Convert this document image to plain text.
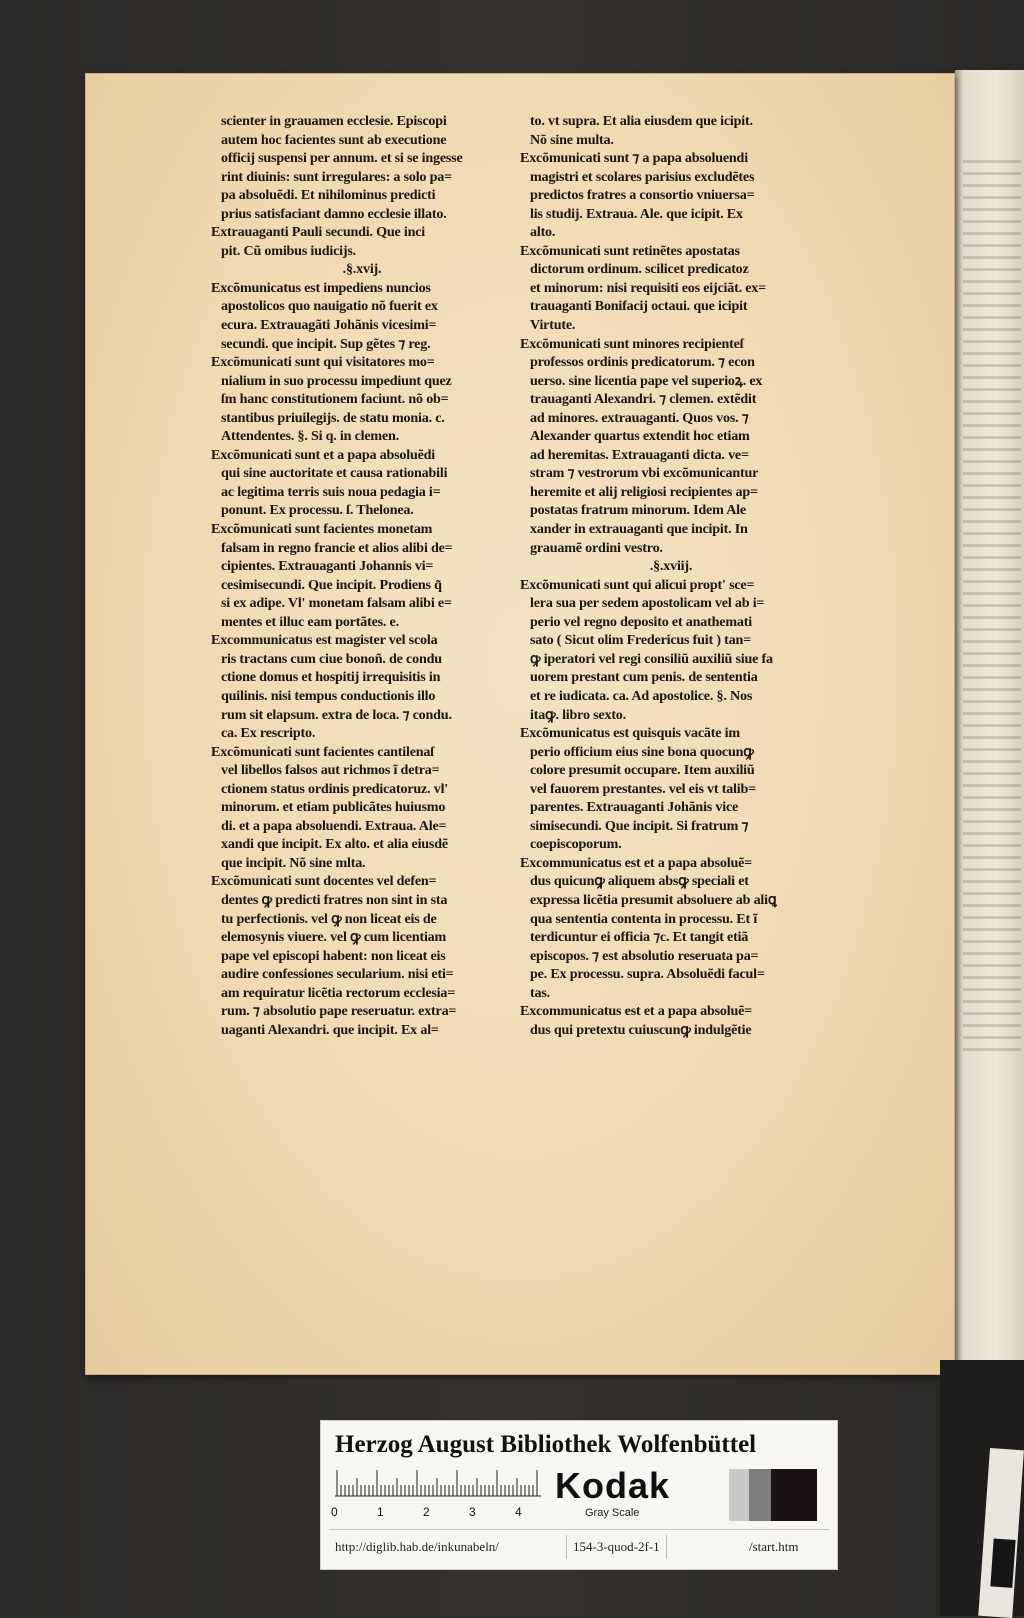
scienter in grauamen ecclesie. Episcopi
autem hoc facientes sunt ab executione
officij suspensi per annum. et si se ingesse
rint diuinis: sunt irregulares: a solo pa=
pa absoluẽdi. Et nihilominus predicti
prius satisfaciant damno ecclesie illato.
Extrauaganti Pauli secundi. Que inci
pit. Cũ omibus iudicijs.
.§.xvij.
Excõmunicatus est impediens nuncios
apostolicos quo nauigatio nõ fuerit ex
ecura. Extrauagãti Johãnis vicesimi=
secundi. que incipit. Sup gẽtes ⁊ reg.
Excõmunicati sunt qui visitatores mo=
nialium in suo processu impediunt quez
ſm hanc constitutionem faciunt. nõ ob=
stantibus priuilegijs. de statu monia. c.
Attendentes. §. Si q. in clemen.
Excõmunicati sunt et a papa absoluẽdi
qui sine auctoritate et causa rationabili
ac legitima terris suis noua pedagia i=
ponunt. Ex processu. ſ. Thelonea.
Excõmunicati sunt facientes monetam
falsam in regno francie et alios alibi de=
cipientes. Extrauaganti Johannis vi=
cesimisecundi. Que incipit. Prodiens q̃
si ex adipe. Vl' monetam falsam alibi e=
mentes et illuc eam portãtes. e.
Excommunicatus est magister vel scola
ris tractans cum ciue bonoñ. de condu
ctione domus et hospitij irrequisitis in
quilinis. nisi tempus conductionis illo
rum sit elapsum. extra de loca. ⁊ condu.
ca. Ex rescripto.
Excõmunicati sunt facientes cantilenaſ
vel libellos falsos aut richmos ĩ detra=
ctionem status ordinis predicatoruz. vl'
minorum. et etiam publicãtes huiusmo
di. et a papa absoluendi. Extraua. Ale=
xandi que incipit. Ex alto. et alia eiusdẽ
que incipit. Nõ sine mlta.
Excõmunicati sunt docentes vel defen=
dentes ꝙ predicti fratres non sint in sta
tu perfectionis. vel ꝙ non liceat eis de
elemosynis viuere. vel ꝙ cum licentiam
pape vel episcopi habent: non liceat eis
audire confessiones secularium. nisi eti=
am requiratur licẽtia rectorum ecclesia=
rum. ⁊ absolutio pape reseruatur. extra=
uaganti Alexandri. que incipit. Ex al=
to. vt supra. Et alia eiusdem que icipit.
Nõ sine multa.
Excõmunicati sunt ⁊ a papa absoluendi
magistri et scolares parisius excludẽtes
predictos fratres a consortio vniuersa=
lis studij. Extraua. Ale. que icipit. Ex
alto.
Excõmunicati sunt retinẽtes apostatas
dictorum ordinum. scilicet predicatoz
et minorum: nisi requisiti eos eijciãt. ex=
trauaganti Bonifacij octaui. que icipit
Virtute.
Excõmunicati sunt minores recipienteſ
professos ordinis predicatorum. ⁊ econ
uerso. sine licentia pape vel superioꝝ. ex
trauaganti Alexandri. ⁊ clemen. extẽdit
ad minores. extrauaganti. Quos vos. ⁊
Alexander quartus extendit hoc etiam
ad heremitas. Extrauaganti dicta. ve=
stram ⁊ vestrorum vbi excõmunicantur
heremite et alij religiosi recipientes ap=
postatas fratrum minorum. Idem Ale
xander in extrauaganti que incipit. In
grauamẽ ordini vestro.
.§.xviij.
Excõmunicati sunt qui alicui propt' sce=
lera sua per sedem apostolicam vel ab i=
perio vel regno deposito et anathemati
sato ( Sicut olim Fredericus fuit ) tan=
ꝙ iperatori vel regi consiliũ auxiliũ siue fa
uorem prestant cum penis. de sententia
et re iudicata. ca. Ad apostolice. §. Nos
itaꝙ. libro sexto.
Excõmunicatus est quisquis vacãte im
perio officium eius sine bona quocunꝙ
colore presumit occupare. Item auxiliũ
vel fauorem prestantes. vel eis vt talib=
parentes. Extrauaganti Johãnis vice
simisecundi. Que incipit. Si fratrum ⁊
coepiscoporum.
Excommunicatus est et a papa absoluẽ=
dus quicunꝙ aliquem absꝙ speciali et
expressa licẽtia presumit absoluere ab aliꝗ
qua sententia contenta in processu. Et ĩ
terdicuntur ei officia ⁊c. Et tangit etiã
episcopos. ⁊ est absolutio reseruata pa=
pe. Ex processu. supra. Absoluẽdi facul=
tas.
Excommunicatus est et a papa absoluẽ=
dus qui pretextu cuiuscunꝙ indulgẽtie
Herzog August Bibliothek Wolfenbüttel
0	1	2	3	4
Kodak
Gray Scale
http://diglib.hab.de/inkunabeln/	154-3-quod-2f-1	/start.htm
